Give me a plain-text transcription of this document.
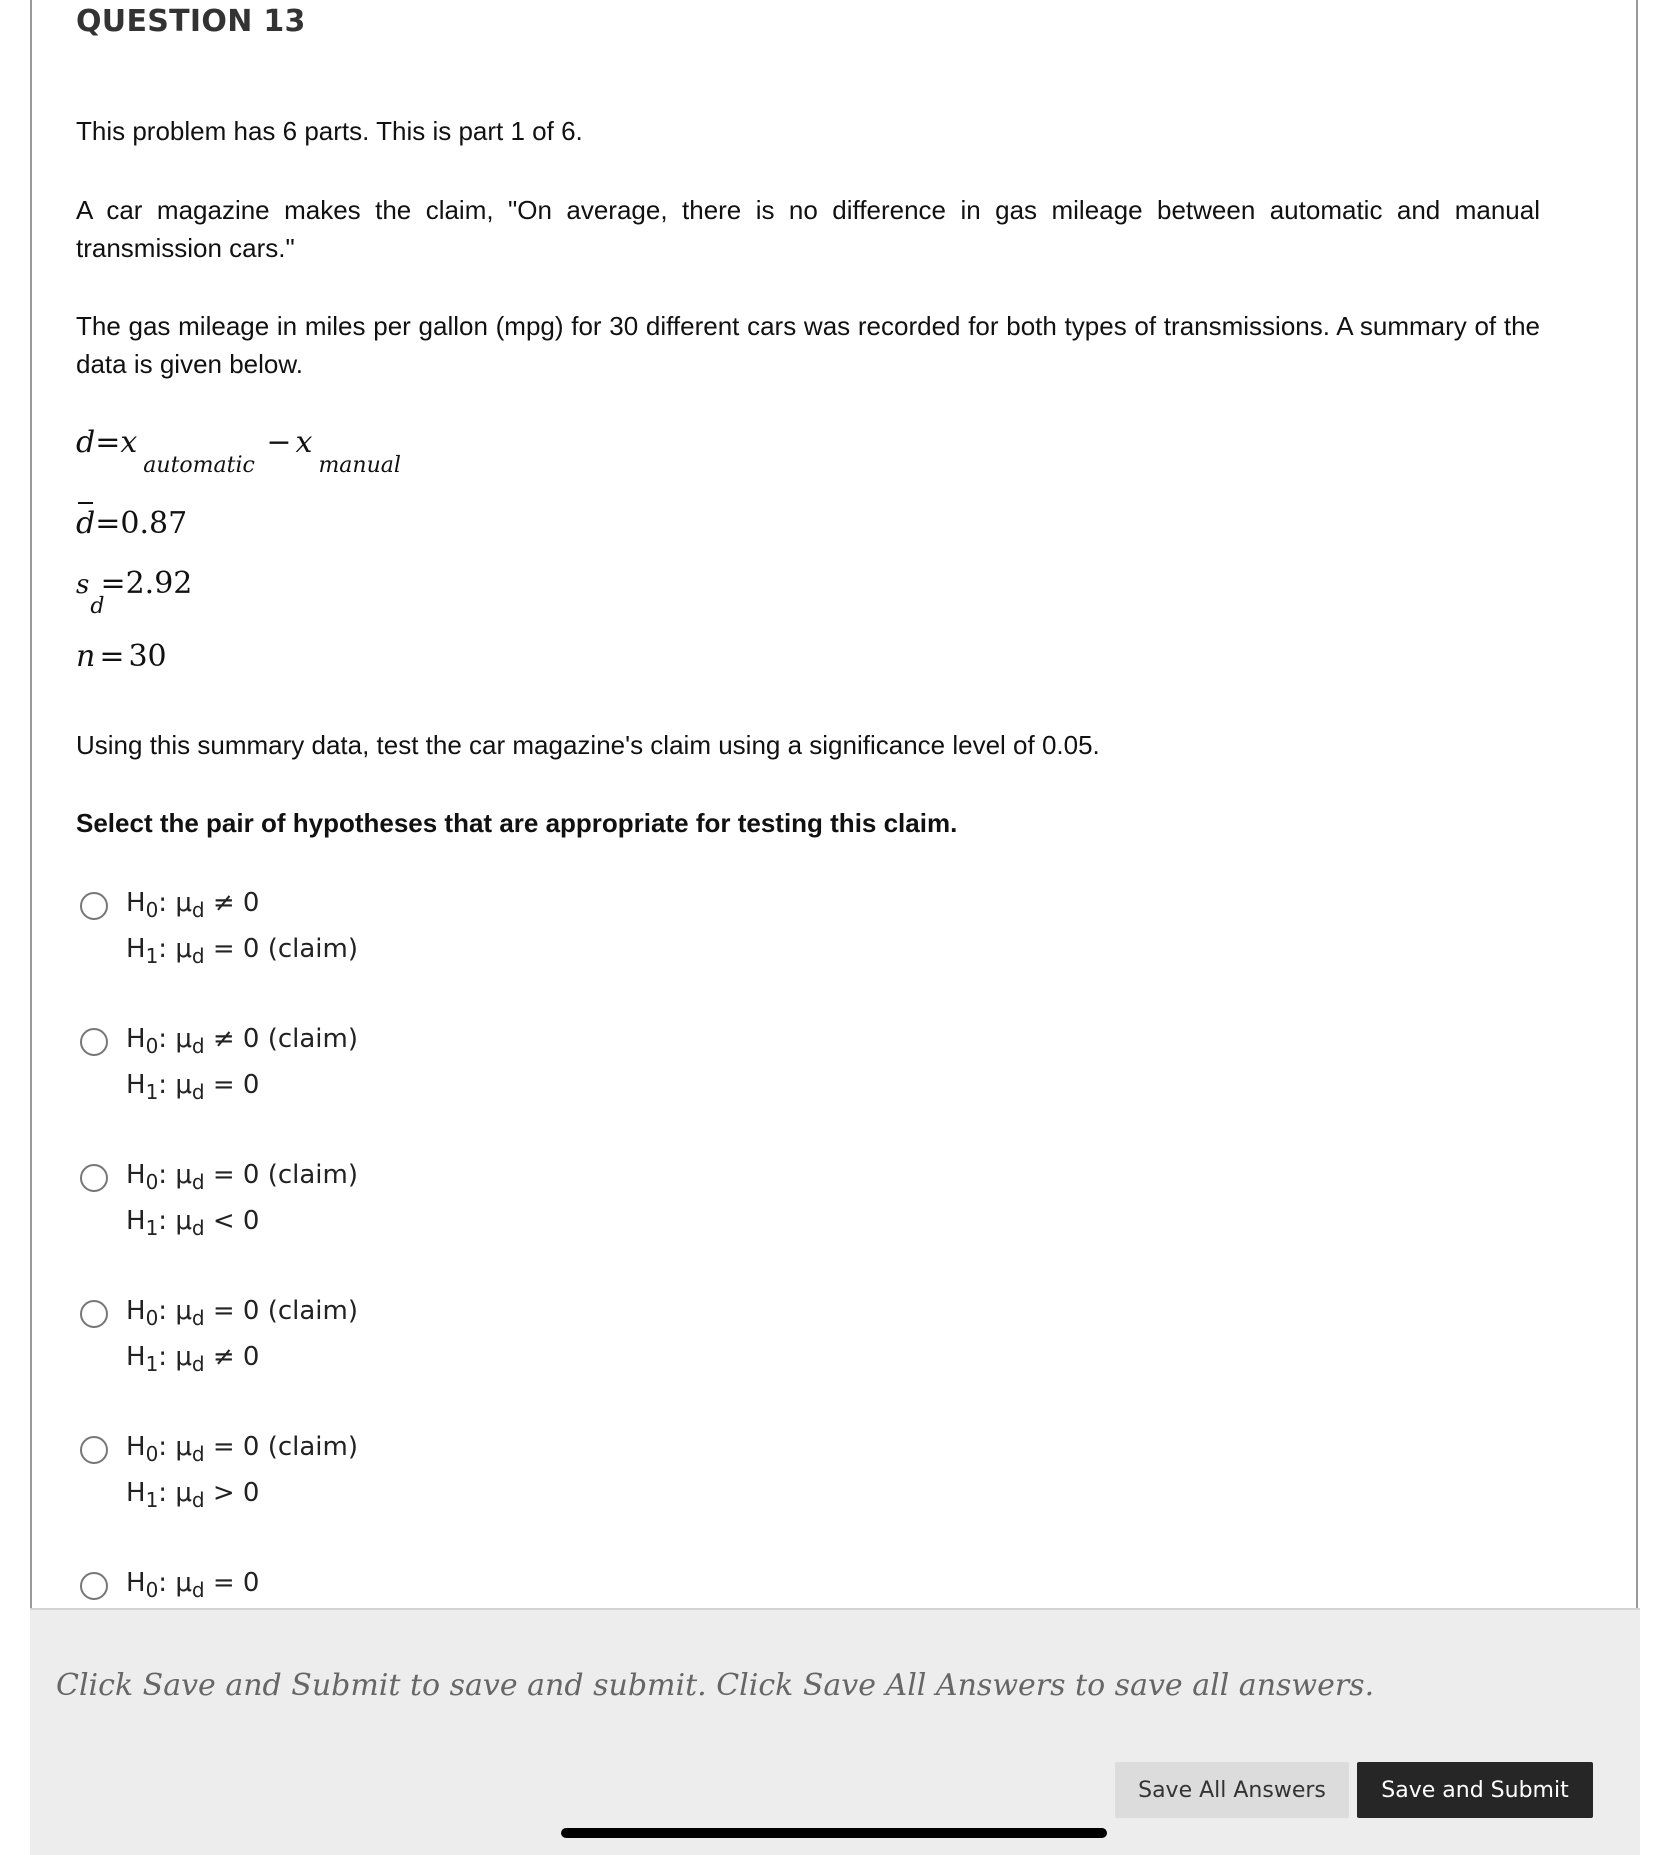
QUESTION 13
This problem has 6 parts. This is part 1 of 6.
A car magazine makes the claim, "On average, there is no difference in gas mileage between automatic and manual transmission cars."
The gas mileage in miles per gallon (mpg) for 30 different cars was recorded for both types of transmissions. A summary of the data is given below.
$d=x_{automatic} - x_{manual}$
d=0.87
$s_d=2.92$
n = 30
Using this summary data, test the car magazine's claim using a significance level of 0.05.
Select the pair of hypotheses that are appropriate for testing this claim.
$H_0$: $\mu_d \ne 0$
$H_1$: $\mu_d = 0$ (claim)
$H_0$: $\mu_d \ne 0$ (claim)
$H_1$: $\mu_d = 0$
$H_0$: $\mu_d = 0$ (claim)
$H_1$: $\mu_d < 0$
$H_0$: $\mu_d = 0$ (claim)
$H_1$: $\mu_d \ne 0$
$H_0$: $\mu_d = 0$ (claim)
$H_1$: $\mu_d > 0$
$H_0$: $\mu_d = 0$
Click Save and Submit to save and submit. Click Save All Answers to save all answers.
Save All Answers	Save and Submit
